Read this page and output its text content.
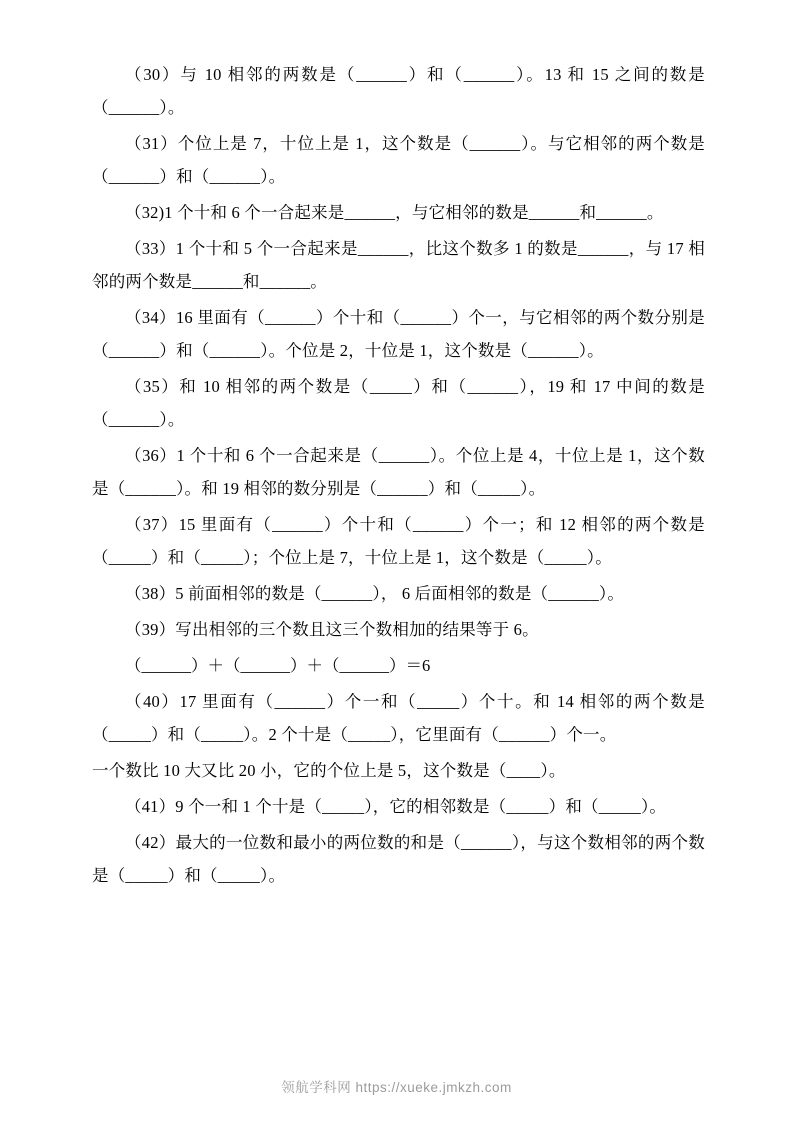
（30）与 10 相邻的两数是（______）和（______）。13 和 15 之间的数是（______）。

（31）个位上是 7，十位上是 1，这个数是（______）。与它相邻的两个数是（______）和（______）。

（32)1 个十和 6 个一合起来是______，与它相邻的数是______和______。

（33）1 个十和 5 个一合起来是______，比这个数多 1 的数是______，与 17 相邻的两个数是______和______。

（34）16 里面有（______）个十和（______）个一，与它相邻的两个数分别是（______）和（______）。个位是 2，十位是 1，这个数是（______）。

（35）和 10 相邻的两个数是（_____）和（______），19 和 17 中间的数是（______）。

（36）1 个十和 6 个一合起来是（______）。个位上是 4，十位上是 1，这个数是（______）。和 19 相邻的数分别是（______）和（_____）。

（37）15 里面有（______）个十和（______）个一；和 12 相邻的两个数是（_____）和（_____）；个位上是 7，十位上是 1，这个数是（_____）。

（38）5 前面相邻的数是（______）， 6 后面相邻的数是（______）。

（39）写出相邻的三个数且这三个数相加的结果等于 6。

（______）＋（______）＋（______）＝6

（40）17 里面有（______）个一和（_____）个十。和 14 相邻的两个数是（_____）和（_____）。2 个十是（_____），它里面有（______）个一。

一个数比 10 大又比 20 小，它的个位上是 5，这个数是（____）。

（41）9 个一和 1 个十是（_____），它的相邻数是（_____）和（_____）。

（42）最大的一位数和最小的两位数的和是（______），与这个数相邻的两个数是（_____）和（_____）。

领航学科网 https://xueke.jmkzh.com
